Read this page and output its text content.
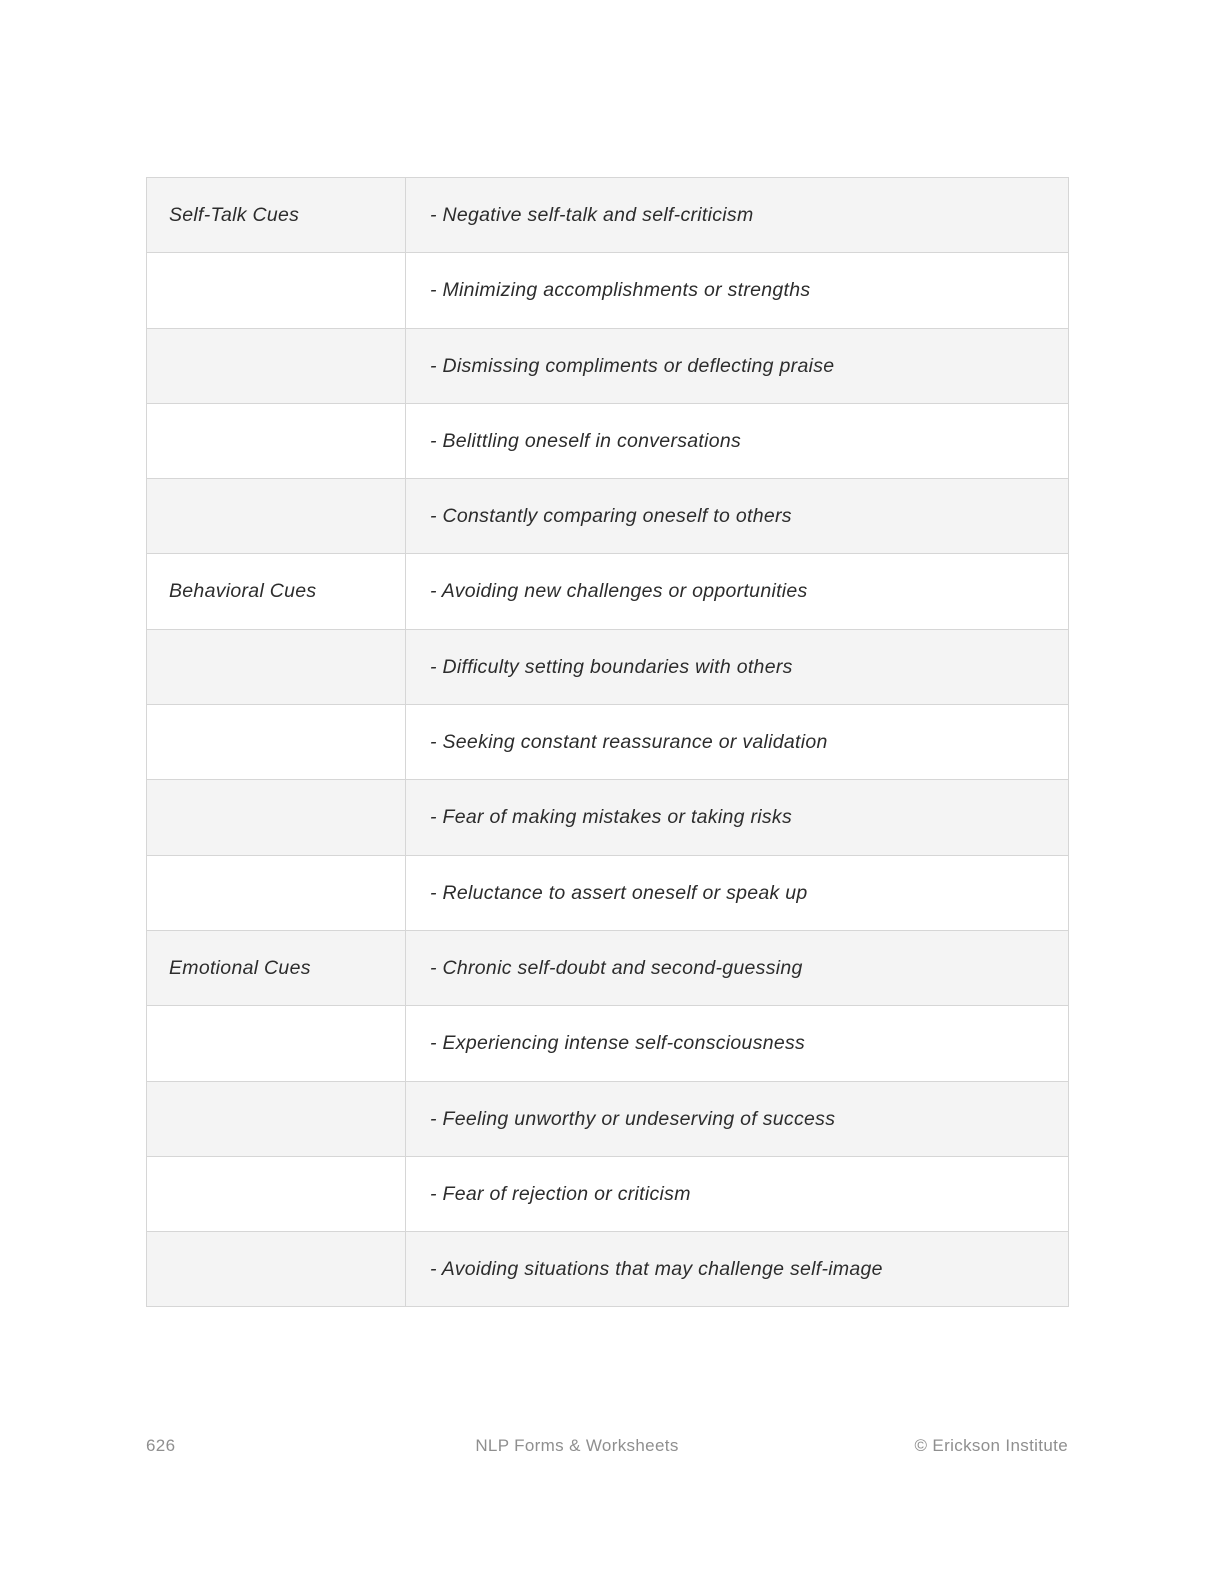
Self-Talk Cues	- Negative self-talk and self-criticism
	- Minimizing accomplishments or strengths
	- Dismissing compliments or deflecting praise
	- Belittling oneself in conversations
	- Constantly comparing oneself to others
Behavioral Cues	- Avoiding new challenges or opportunities
	- Difficulty setting boundaries with others
	- Seeking constant reassurance or validation
	- Fear of making mistakes or taking risks
	- Reluctance to assert oneself or speak up
Emotional Cues	- Chronic self-doubt and second-guessing
	- Experiencing intense self-consciousness
	- Feeling unworthy or undeserving of success
	- Fear of rejection or criticism
	- Avoiding situations that may challenge self-image
626	NLP Forms & Worksheets	© Erickson Institute
